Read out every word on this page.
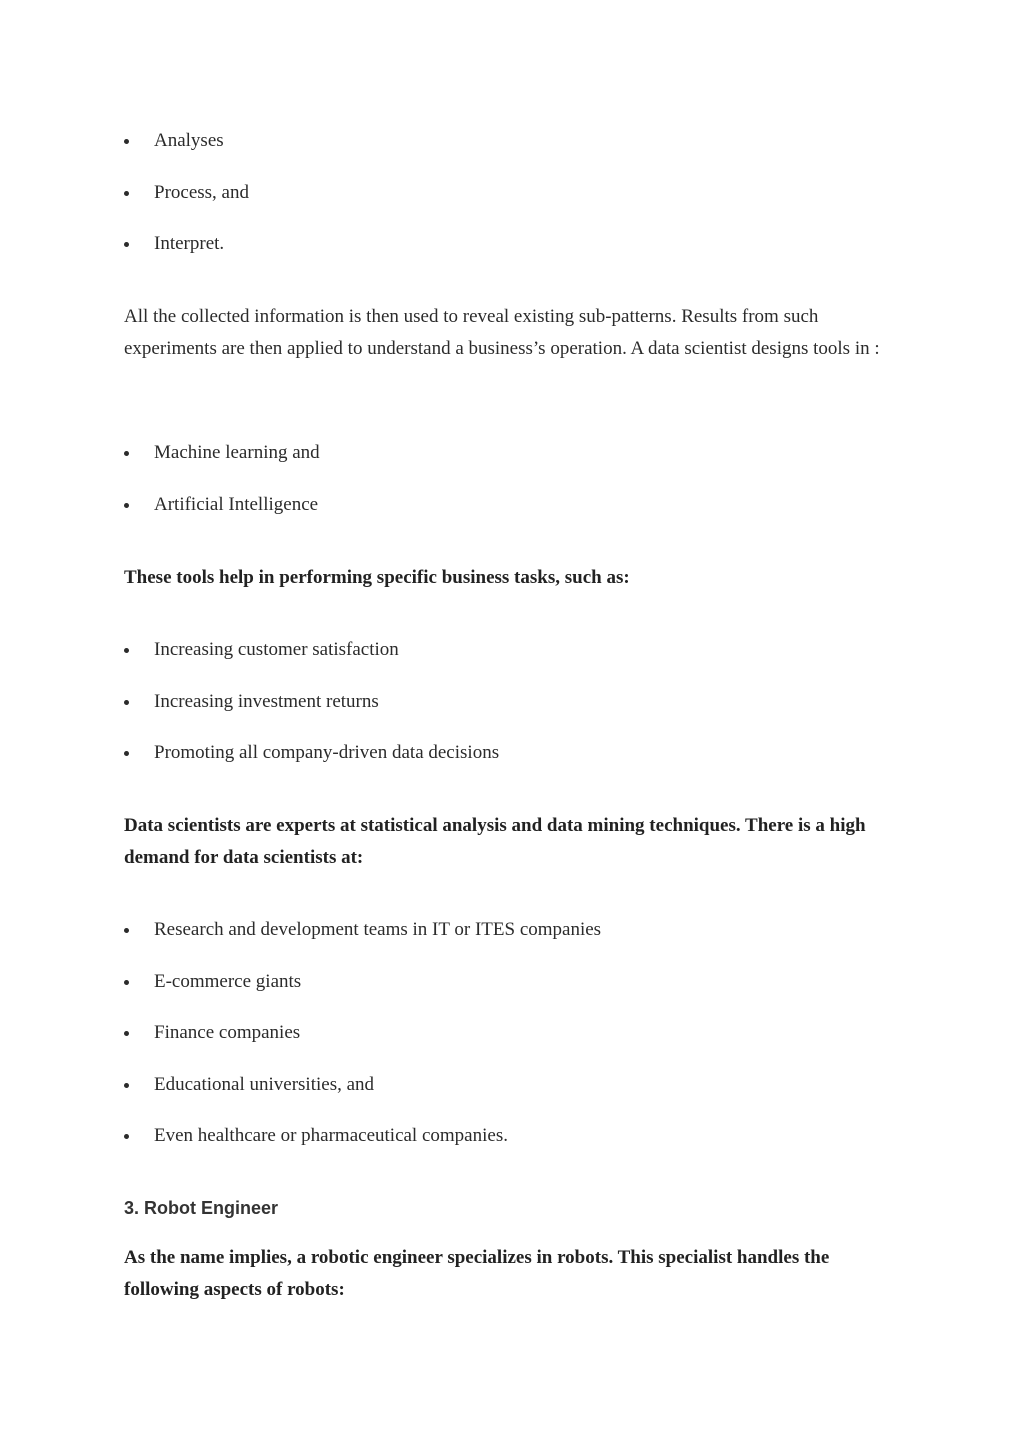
Analyses
Process, and
Interpret.

All the collected information is then used to reveal existing sub-patterns. Results from such experiments are then applied to understand a business’s operation. A data scientist designs tools in :

Machine learning and
Artificial Intelligence

These tools help in performing specific business tasks, such as:

Increasing customer satisfaction
Increasing investment returns
Promoting all company-driven data decisions

Data scientists are experts at statistical analysis and data mining techniques. There is a high demand for data scientists at:

Research and development teams in IT or ITES companies
E-commerce giants
Finance companies
Educational universities, and
Even healthcare or pharmaceutical companies.
3. Robot Engineer

As the name implies, a robotic engineer specializes in robots. This specialist handles the following aspects of robots:
